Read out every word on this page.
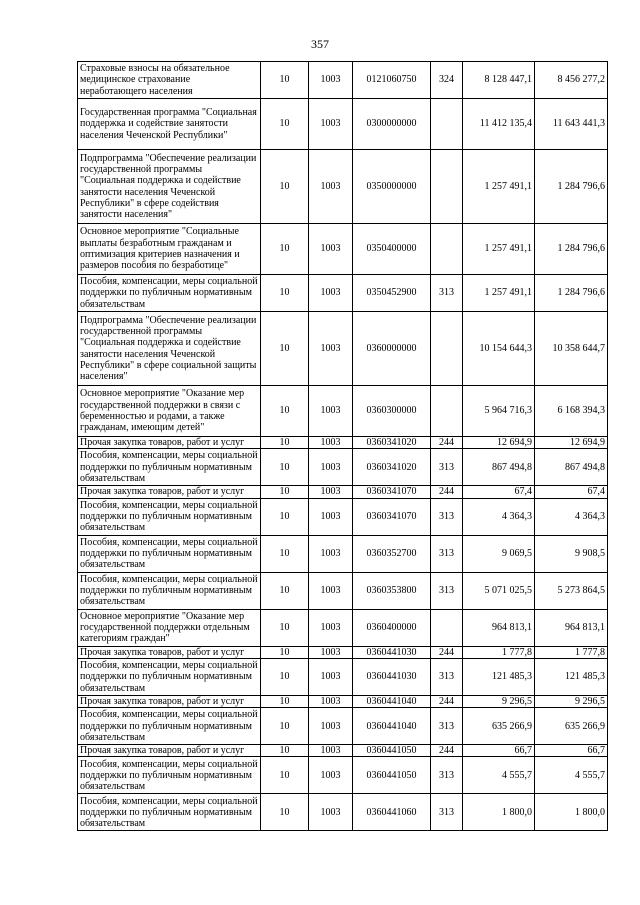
357
Страховые взносы на обязательное медицинское страхование неработающего населения	10	1003	0121060750	324	8 128 447,1	8 456 277,2
Государственная программа "Социальная поддержка и содействие занятости населения Чеченской Республики"	10	1003	0300000000		11 412 135,4	11 643 441,3
Подпрограмма "Обеспечение реализации государственной программы "Социальная поддержка и содействие занятости населения Чеченской Республики" в сфере содействия занятости населения"	10	1003	0350000000		1 257 491,1	1 284 796,6
Основное мероприятие "Социальные выплаты безработным гражданам и оптимизация критериев назначения и размеров пособия по безработице"	10	1003	0350400000		1 257 491,1	1 284 796,6
Пособия, компенсации, меры социальной поддержки по публичным нормативным обязательствам	10	1003	0350452900	313	1 257 491,1	1 284 796,6
Подпрограмма "Обеспечение реализации государственной программы "Социальная поддержка и содействие занятости населения Чеченской Республики" в сфере социальной защиты населения"	10	1003	0360000000		10 154 644,3	10 358 644,7
Основное мероприятие "Оказание мер государственной поддержки в связи с беременностью и родами, а также гражданам, имеющим детей"	10	1003	0360300000		5 964 716,3	6 168 394,3
Прочая закупка товаров, работ и услуг	10	1003	0360341020	244	12 694,9	12 694,9
Пособия, компенсации, меры социальной поддержки по публичным нормативным обязательствам	10	1003	0360341020	313	867 494,8	867 494,8
Прочая закупка товаров, работ и услуг	10	1003	0360341070	244	67,4	67,4
Пособия, компенсации, меры социальной поддержки по публичным нормативным обязательствам	10	1003	0360341070	313	4 364,3	4 364,3
Пособия, компенсации, меры социальной поддержки по публичным нормативным обязательствам	10	1003	0360352700	313	9 069,5	9 908,5
Пособия, компенсации, меры социальной поддержки по публичным нормативным обязательствам	10	1003	0360353800	313	5 071 025,5	5 273 864,5
Основное мероприятие "Оказание мер государственной поддержки отдельным категориям граждан"	10	1003	0360400000		964 813,1	964 813,1
Прочая закупка товаров, работ и услуг	10	1003	0360441030	244	1 777,8	1 777,8
Пособия, компенсации, меры социальной поддержки по публичным нормативным обязательствам	10	1003	0360441030	313	121 485,3	121 485,3
Прочая закупка товаров, работ и услуг	10	1003	0360441040	244	9 296,5	9 296,5
Пособия, компенсации, меры социальной поддержки по публичным нормативным обязательствам	10	1003	0360441040	313	635 266,9	635 266,9
Прочая закупка товаров, работ и услуг	10	1003	0360441050	244	66,7	66,7
Пособия, компенсации, меры социальной поддержки по публичным нормативным обязательствам	10	1003	0360441050	313	4 555,7	4 555,7
Пособия, компенсации, меры социальной поддержки по публичным нормативным обязательствам	10	1003	0360441060	313	1 800,0	1 800,0
